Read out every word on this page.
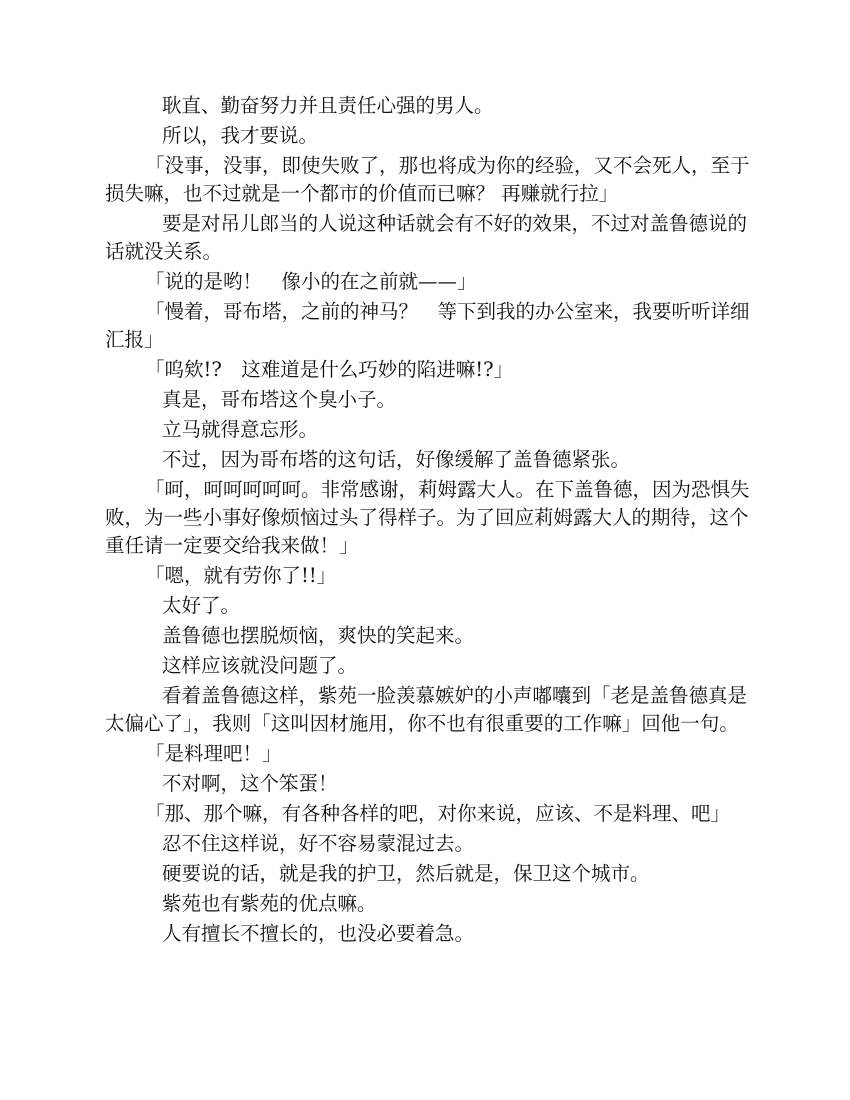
耿直、勤奋努力并且责任心强的男人。

所以，我才要说。

「没事，没事，即使失败了，那也将成为你的经验，又不会死人，至于损失嘛，也不过就是一个都市的价值而已嘛？ 再赚就行拉」

要是对吊儿郎当的人说这种话就会有不好的效果，不过对盖鲁德说的话就没关系。

「说的是哟！　像小的在之前就——」

「慢着，哥布塔，之前的神马？　等下到我的办公室来，我要听听详细汇报」

「呜欸!?　这难道是什么巧妙的陷进嘛!?」

真是，哥布塔这个臭小子。

立马就得意忘形。

不过，因为哥布塔的这句话，好像缓解了盖鲁德紧张。

「呵，呵呵呵呵呵。非常感谢，莉姆露大人。在下盖鲁德，因为恐惧失败，为一些小事好像烦恼过头了得样子。为了回应莉姆露大人的期待，这个重任请一定要交给我来做！」

「嗯，就有劳你了!!」

太好了。

盖鲁德也摆脱烦恼，爽快的笑起来。

这样应该就没问题了。

看着盖鲁德这样，紫苑一脸羡慕嫉妒的小声嘟囔到「老是盖鲁德真是太偏心了」，我则「这叫因材施用，你不也有很重要的工作嘛」回他一句。

「是料理吧！」

不对啊，这个笨蛋！

「那、那个嘛，有各种各样的吧，对你来说，应该、不是料理、吧」

忍不住这样说，好不容易蒙混过去。

硬要说的话，就是我的护卫，然后就是，保卫这个城市。

紫苑也有紫苑的优点嘛。

人有擅长不擅长的，也没必要着急。
